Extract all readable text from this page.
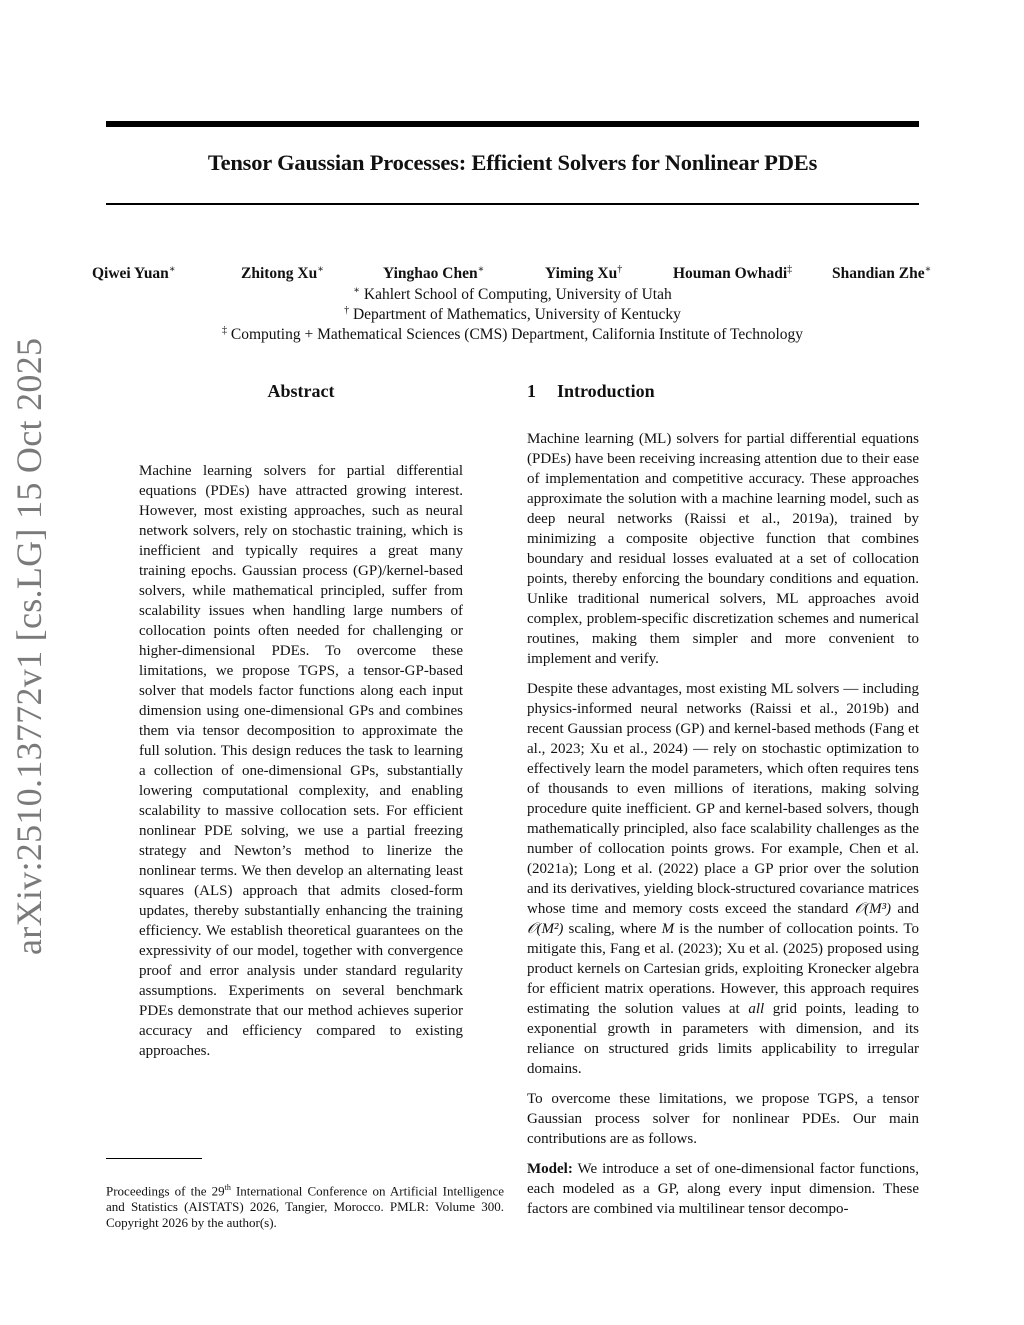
Tensor Gaussian Processes: Efficient Solvers for Nonlinear PDEs
Qiwei Yuan∗	Zhitong Xu∗	Yinghao Chen∗	Yiming Xu†	Houman Owhadi‡	Shandian Zhe∗
∗ Kahlert School of Computing, University of Utah
† Department of Mathematics, University of Kentucky
‡ Computing + Mathematical Sciences (CMS) Department, California Institute of Technology
arXiv:2510.13772v1 [cs.LG] 15 Oct 2025	Abstract
Machine learning solvers for partial differential equations (PDEs) have attracted growing interest. However, most existing approaches, such as neural network solvers, rely on stochastic training, which is inefficient and typically requires a great many training epochs. Gaussian process (GP)/kernel-based solvers, while mathematical principled, suffer from scalability issues when handling large numbers of collocation points often needed for challenging or higher-dimensional PDEs. To overcome these limitations, we propose TGPS, a tensor-GP-based solver that models factor functions along each input dimension using one-dimensional GPs and combines them via tensor decomposition to approximate the full solution. This design reduces the task to learning a collection of one-dimensional GPs, substantially lowering computational complexity, and enabling scalability to massive collocation sets. For efficient nonlinear PDE solving, we use a partial freezing strategy and Newton’s method to linerize the nonlinear terms. We then develop an alternating least squares (ALS) approach that admits closed-form updates, thereby substantially enhancing the training efficiency. We establish theoretical guarantees on the expressivity of our model, together with convergence proof and error analysis under standard regularity assumptions. Experiments on several benchmark PDEs demonstrate that our method achieves superior accuracy and efficiency compared to existing approaches.
Proceedings of the 29th International Conference on Artificial Intelligence and Statistics (AISTATS) 2026, Tangier, Morocco. PMLR: Volume 300. Copyright 2026 by the author(s).
1 Introduction

Machine learning (ML) solvers for partial differential equations (PDEs) have been receiving increasing attention due to their ease of implementation and competitive accuracy. These approaches approximate the solution with a machine learning model, such as deep neural networks (Raissi et al., 2019a), trained by minimizing a composite objective function that combines boundary and residual losses evaluated at a set of collocation points, thereby enforcing the boundary conditions and equation. Unlike traditional numerical solvers, ML approaches avoid complex, problem-specific discretization schemes and numerical routines, making them simpler and more convenient to implement and verify.

Despite these advantages, most existing ML solvers — including physics-informed neural networks (Raissi et al., 2019b) and recent Gaussian process (GP) and kernel-based methods (Fang et al., 2023; Xu et al., 2024) — rely on stochastic optimization to effectively learn the model parameters, which often requires tens of thousands to even millions of iterations, making solving procedure quite inefficient. GP and kernel-based solvers, though mathematically principled, also face scalability challenges as the number of collocation points grows. For example, Chen et al. (2021a); Long et al. (2022) place a GP prior over the solution and its derivatives, yielding block-structured covariance matrices whose time and memory costs exceed the standard 𝒪(M³) and 𝒪(M²) scaling, where M is the number of collocation points. To mitigate this, Fang et al. (2023); Xu et al. (2025) proposed using product kernels on Cartesian grids, exploiting Kronecker algebra for efficient matrix operations. However, this approach requires estimating the solution values at all grid points, leading to exponential growth in parameters with dimension, and its reliance on structured grids limits applicability to irregular domains.

To overcome these limitations, we propose TGPS, a tensor Gaussian process solver for nonlinear PDEs. Our main contributions are as follows.

Model: We introduce a set of one-dimensional factor functions, each modeled as a GP, along every input dimension. These factors are combined via multilinear tensor decompo-
